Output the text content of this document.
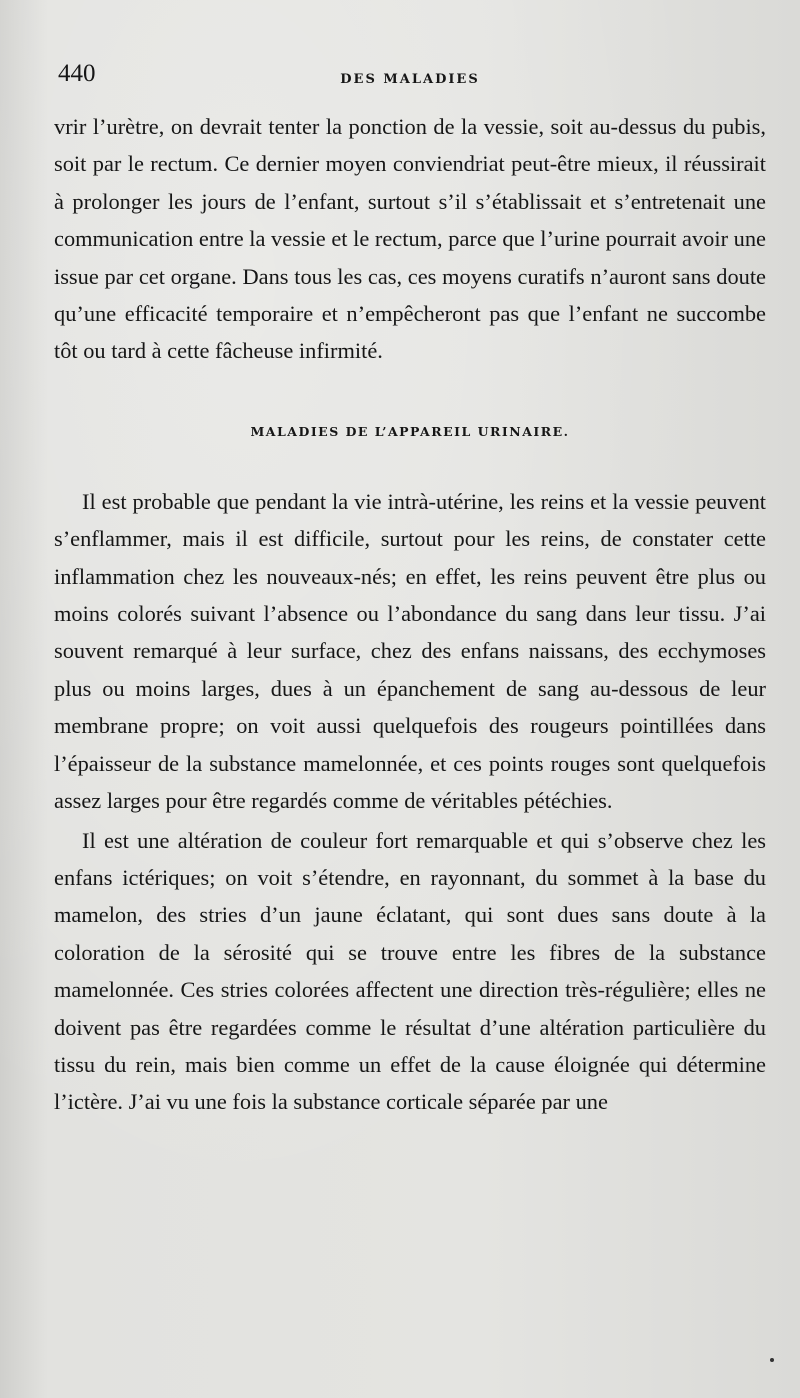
440	DES MALADIES

vrir l’urètre, on devrait tenter la ponction de la vessie, soit au-dessus du pubis, soit par le rectum. Ce dernier moyen conviendriat peut-être mieux, il réussirait à prolonger les jours de l’enfant, surtout s’il s’établissait et s’entretenait une communication entre la vessie et le rectum, parce que l’urine pourrait avoir une issue par cet organe. Dans tous les cas, ces moyens curatifs n’auront sans doute qu’une efficacité temporaire et n’empêcheront pas que l’enfant ne succombe tôt ou tard à cette fâcheuse infirmité.

MALADIES DE L’APPAREIL URINAIRE.

Il est probable que pendant la vie intrà-utérine, les reins et la vessie peuvent s’enflammer, mais il est difficile, surtout pour les reins, de constater cette inflammation chez les nouveaux-nés; en effet, les reins peuvent être plus ou moins colorés suivant l’absence ou l’abondance du sang dans leur tissu. J’ai souvent remarqué à leur surface, chez des enfans naissans, des ecchymoses plus ou moins larges, dues à un épanchement de sang au-dessous de leur membrane propre; on voit aussi quelquefois des rougeurs pointillées dans l’épaisseur de la substance mamelonnée, et ces points rouges sont quelquefois assez larges pour être regardés comme de véritables pétéchies.

Il est une altération de couleur fort remarquable et qui s’observe chez les enfans ictériques; on voit s’étendre, en rayonnant, du sommet à la base du mamelon, des stries d’un jaune éclatant, qui sont dues sans doute à la coloration de la sérosité qui se trouve entre les fibres de la substance mamelonnée. Ces stries colorées affectent une direction très-régulière; elles ne doivent pas être regardées comme le résultat d’une altération particulière du tissu du rein, mais bien comme un effet de la cause éloignée qui détermine l’ictère. J’ai vu une fois la substance corticale séparée par une
